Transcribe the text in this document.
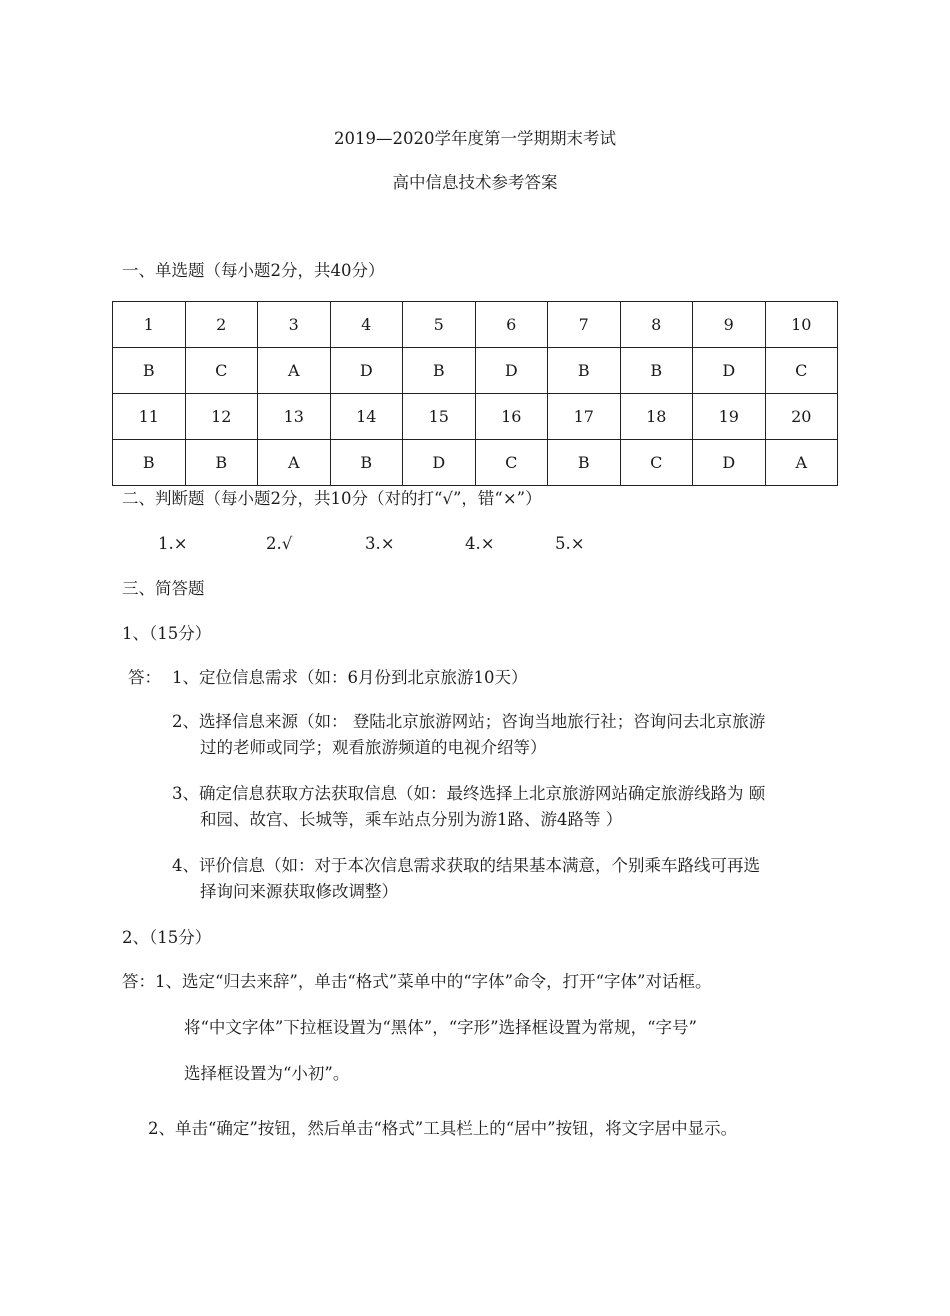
2019—2020学年度第一学期期末考试
高中信息技术参考答案
一、单选题（每小题2分，共40分）
1	2	3	4	5	6	7	8	9	10
B	C	A	D	B	D	B	B	D	C
11	12	13	14	15	16	17	18	19	20
B	B	A	B	D	C	B	C	D	A
二、判断题（每小题2分，共10分（对的打“√”，错“×”）
1.×	2.√	3.×	4.×	5.×
三、简答题
1、（15分）
答： 1、定位信息需求（如：6月份到北京旅游10天）
2、选择信息来源（如： 登陆北京旅游网站；咨询当地旅行社；咨询问去北京旅游
过的老师或同学；观看旅游频道的电视介绍等）
3、确定信息获取方法获取信息（如：最终选择上北京旅游网站确定旅游线路为 颐
和园、故宫、长城等，乘车站点分别为游1路、游4路等 ）
4、评价信息（如：对于本次信息需求获取的结果基本满意，个别乘车路线可再选
择询问来源获取修改调整）
2、（15分）
答：1、选定“归去来辞”，单击“格式”菜单中的“字体”命令，打开“字体”对话框。
将“中文字体”下拉框设置为“黑体”，“字形”选择框设置为常规，“字号”
选择框设置为“小初”。
2、单击“确定”按钮，然后单击“格式”工具栏上的“居中”按钮，将文字居中显示。
